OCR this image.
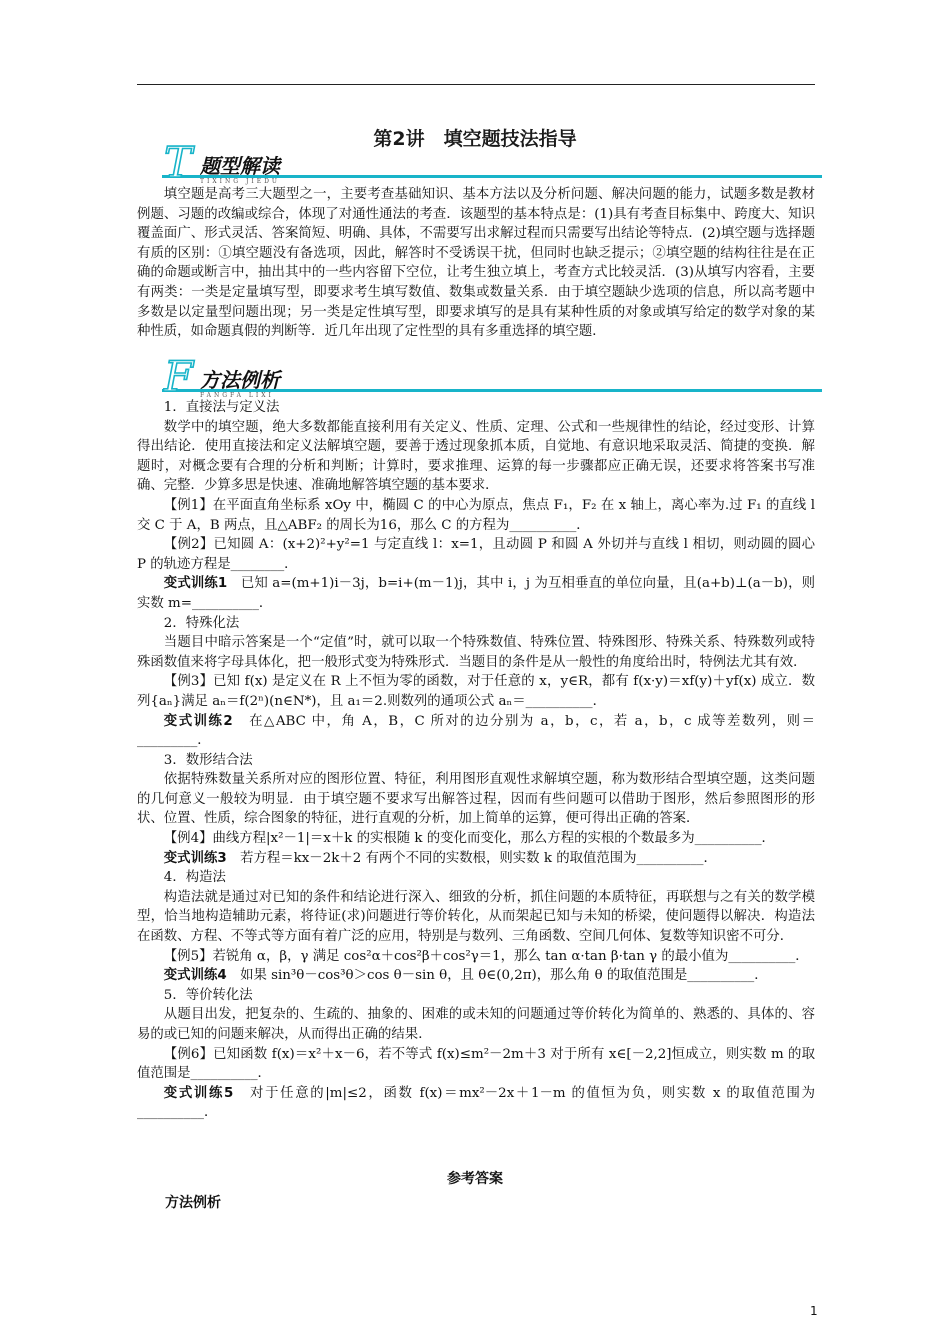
第2讲　填空题技法指导
T 题型解读
TIXING JIEDU

填空题是高考三大题型之一，主要考查基础知识、基本方法以及分析问题、解决问题的能力，试题多数是教材例题、习题的改编或综合，体现了对通性通法的考查．该题型的基本特点是：(1)具有考查目标集中、跨度大、知识覆盖面广、形式灵活、答案简短、明确、具体，不需要写出求解过程而只需要写出结论等特点．(2)填空题与选择题有质的区别：①填空题没有备选项，因此，解答时不受诱误干扰，但同时也缺乏提示；②填空题的结构往往是在正确的命题或断言中，抽出其中的一些内容留下空位，让考生独立填上，考查方式比较灵活．(3)从填写内容看，主要有两类：一类是定量填写型，即要求考生填写数值、数集或数量关系．由于填空题缺少选项的信息，所以高考题中多数是以定量型问题出现；另一类是定性填写型，即要求填写的是具有某种性质的对象或填写给定的数学对象的某种性质，如命题真假的判断等．近几年出现了定性型的具有多重选择的填空题．

F 方法例析
FANGFA LIXI

1．直接法与定义法

数学中的填空题，绝大多数都能直接利用有关定义、性质、定理、公式和一些规律性的结论，经过变形、计算得出结论．使用直接法和定义法解填空题，要善于透过现象抓本质，自觉地、有意识地采取灵活、简捷的变换．解题时，对概念要有合理的分析和判断；计算时，要求推理、运算的每一步骤都应正确无误，还要求将答案书写准确、完整．少算多思是快速、准确地解答填空题的基本要求．

【例1】在平面直角坐标系 xOy 中，椭圆 C 的中心为原点，焦点 F₁，F₂ 在 x 轴上，离心率为.过 F₁ 的直线 l 交 C 于 A，B 两点，且△ABF₂ 的周长为16，那么 C 的方程为__________．

【例2】已知圆 A：(x+2)²+y²=1 与定直线 l：x=1，且动圆 P 和圆 A 外切并与直线 l 相切，则动圆的圆心 P 的轨迹方程是________．

变式训练1　已知 a=(m+1)i－3j，b=i+(m－1)j，其中 i，j 为互相垂直的单位向量，且(a+b)⊥(a－b)，则实数 m=__________．

2．特殊化法

当题目中暗示答案是一个“定值”时，就可以取一个特殊数值、特殊位置、特殊图形、特殊关系、特殊数列或特殊函数值来将字母具体化，把一般形式变为特殊形式．当题目的条件是从一般性的角度给出时，特例法尤其有效．

【例3】已知 f(x) 是定义在 R 上不恒为零的函数，对于任意的 x，y∈R，都有 f(x·y)＝xf(y)＋yf(x) 成立．数列{aₙ}满足 aₙ＝f(2ⁿ)(n∈N*)，且 a₁＝2.则数列的通项公式 aₙ＝__________．

变式训练2　在△ABC 中，角 A，B，C 所对的边分别为 a，b，c，若 a，b，c 成等差数列，则＝_________．

3．数形结合法

依据特殊数量关系所对应的图形位置、特征，利用图形直观性求解填空题，称为数形结合型填空题，这类问题的几何意义一般较为明显．由于填空题不要求写出解答过程，因而有些问题可以借助于图形，然后参照图形的形状、位置、性质，综合图象的特征，进行直观的分析，加上简单的运算，便可得出正确的答案．

【例4】曲线方程|x²－1|＝x＋k 的实根随 k 的变化而变化，那么方程的实根的个数最多为__________．

变式训练3　若方程＝kx－2k＋2 有两个不同的实数根，则实数 k 的取值范围为__________．

4．构造法

构造法就是通过对已知的条件和结论进行深入、细致的分析，抓住问题的本质特征，再联想与之有关的数学模型，恰当地构造辅助元素，将待证(求)问题进行等价转化，从而架起已知与未知的桥梁，使问题得以解决．构造法在函数、方程、不等式等方面有着广泛的应用，特别是与数列、三角函数、空间几何体、复数等知识密不可分．

【例5】若锐角 α，β，γ 满足 cos²α＋cos²β＋cos²γ＝1，那么 tan α·tan β·tan γ 的最小值为__________．

变式训练4　如果 sin³θ－cos³θ＞cos θ－sin θ，且 θ∈(0,2π)，那么角 θ 的取值范围是__________．

5．等价转化法

从题目出发，把复杂的、生疏的、抽象的、困难的或未知的问题通过等价转化为简单的、熟悉的、具体的、容易的或已知的问题来解决，从而得出正确的结果．

【例6】已知函数 f(x)＝x²＋x－6，若不等式 f(x)≤m²－2m＋3 对于所有 x∈[－2,2]恒成立，则实数 m 的取值范围是__________．

变式训练5　对于任意的|m|≤2，函数 f(x)＝mx²－2x＋1－m 的值恒为负，则实数 x 的取值范围为__________．

参考答案
方法例析
1
